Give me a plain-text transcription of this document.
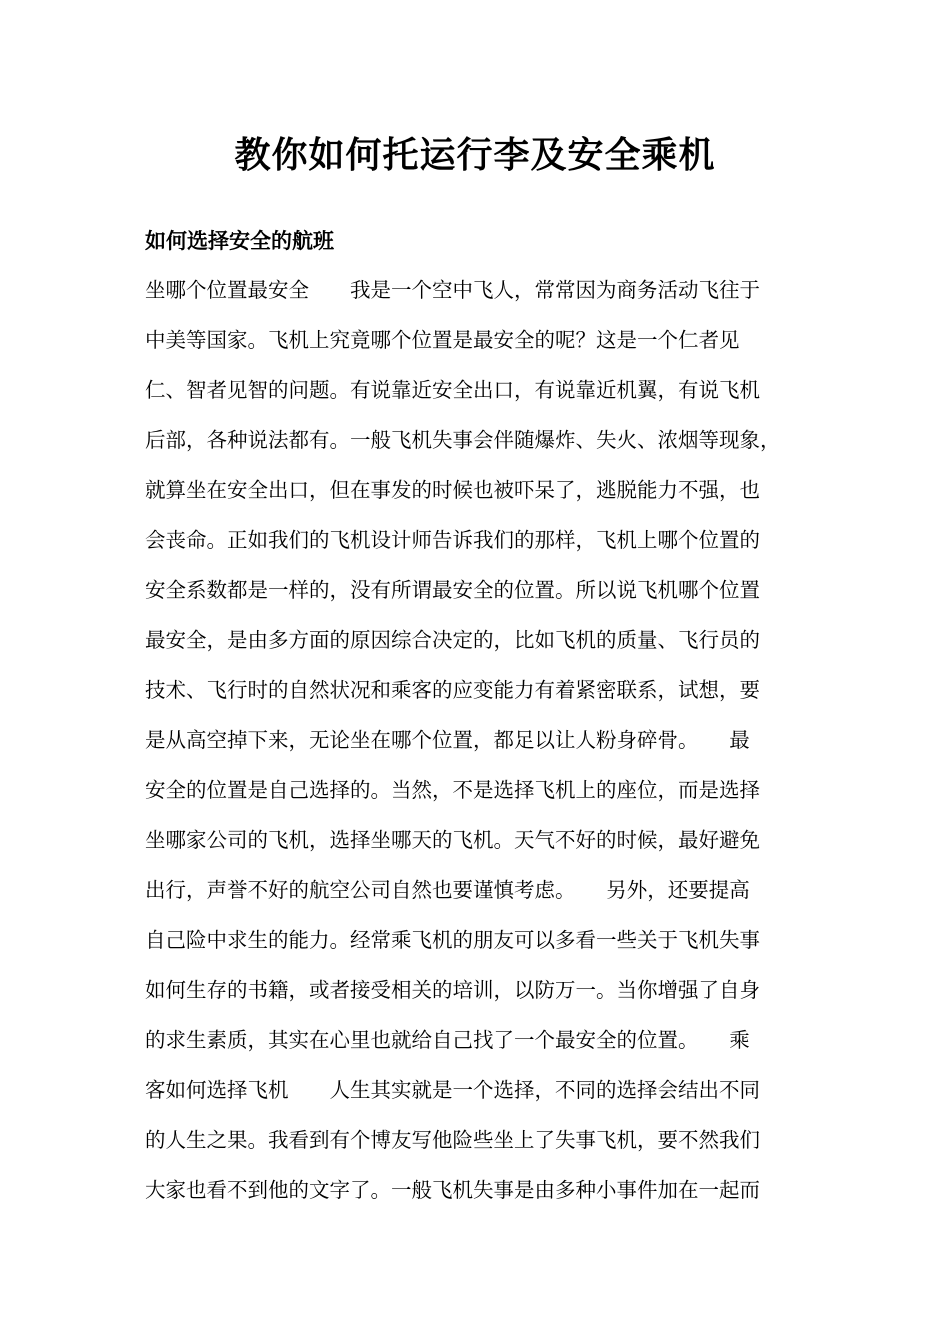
教你如何托运行李及安全乘机
如何选择安全的航班
坐哪个位置最安全　　我是一个空中飞人，常常因为商务活动飞往于
中美等国家。飞机上究竟哪个位置是最安全的呢？这是一个仁者见
仁、智者见智的问题。有说靠近安全出口，有说靠近机翼，有说飞机
后部，各种说法都有。一般飞机失事会伴随爆炸、失火、浓烟等现象，
就算坐在安全出口，但在事发的时候也被吓呆了，逃脱能力不强，也
会丧命。正如我们的飞机设计师告诉我们的那样，飞机上哪个位置的
安全系数都是一样的，没有所谓最安全的位置。所以说飞机哪个位置
最安全，是由多方面的原因综合决定的，比如飞机的质量、飞行员的
技术、飞行时的自然状况和乘客的应变能力有着紧密联系，试想，要
是从高空掉下来，无论坐在哪个位置，都足以让人粉身碎骨。　　最
安全的位置是自己选择的。当然，不是选择飞机上的座位，而是选择
坐哪家公司的飞机，选择坐哪天的飞机。天气不好的时候，最好避免
出行，声誉不好的航空公司自然也要谨慎考虑。　　另外，还要提高
自己险中求生的能力。经常乘飞机的朋友可以多看一些关于飞机失事
如何生存的书籍，或者接受相关的培训，以防万一。当你增强了自身
的求生素质，其实在心里也就给自己找了一个最安全的位置。　　乘
客如何选择飞机　　人生其实就是一个选择，不同的选择会结出不同
的人生之果。我看到有个博友写他险些坐上了失事飞机，要不然我们
大家也看不到他的文字了。一般飞机失事是由多种小事件加在一起而
